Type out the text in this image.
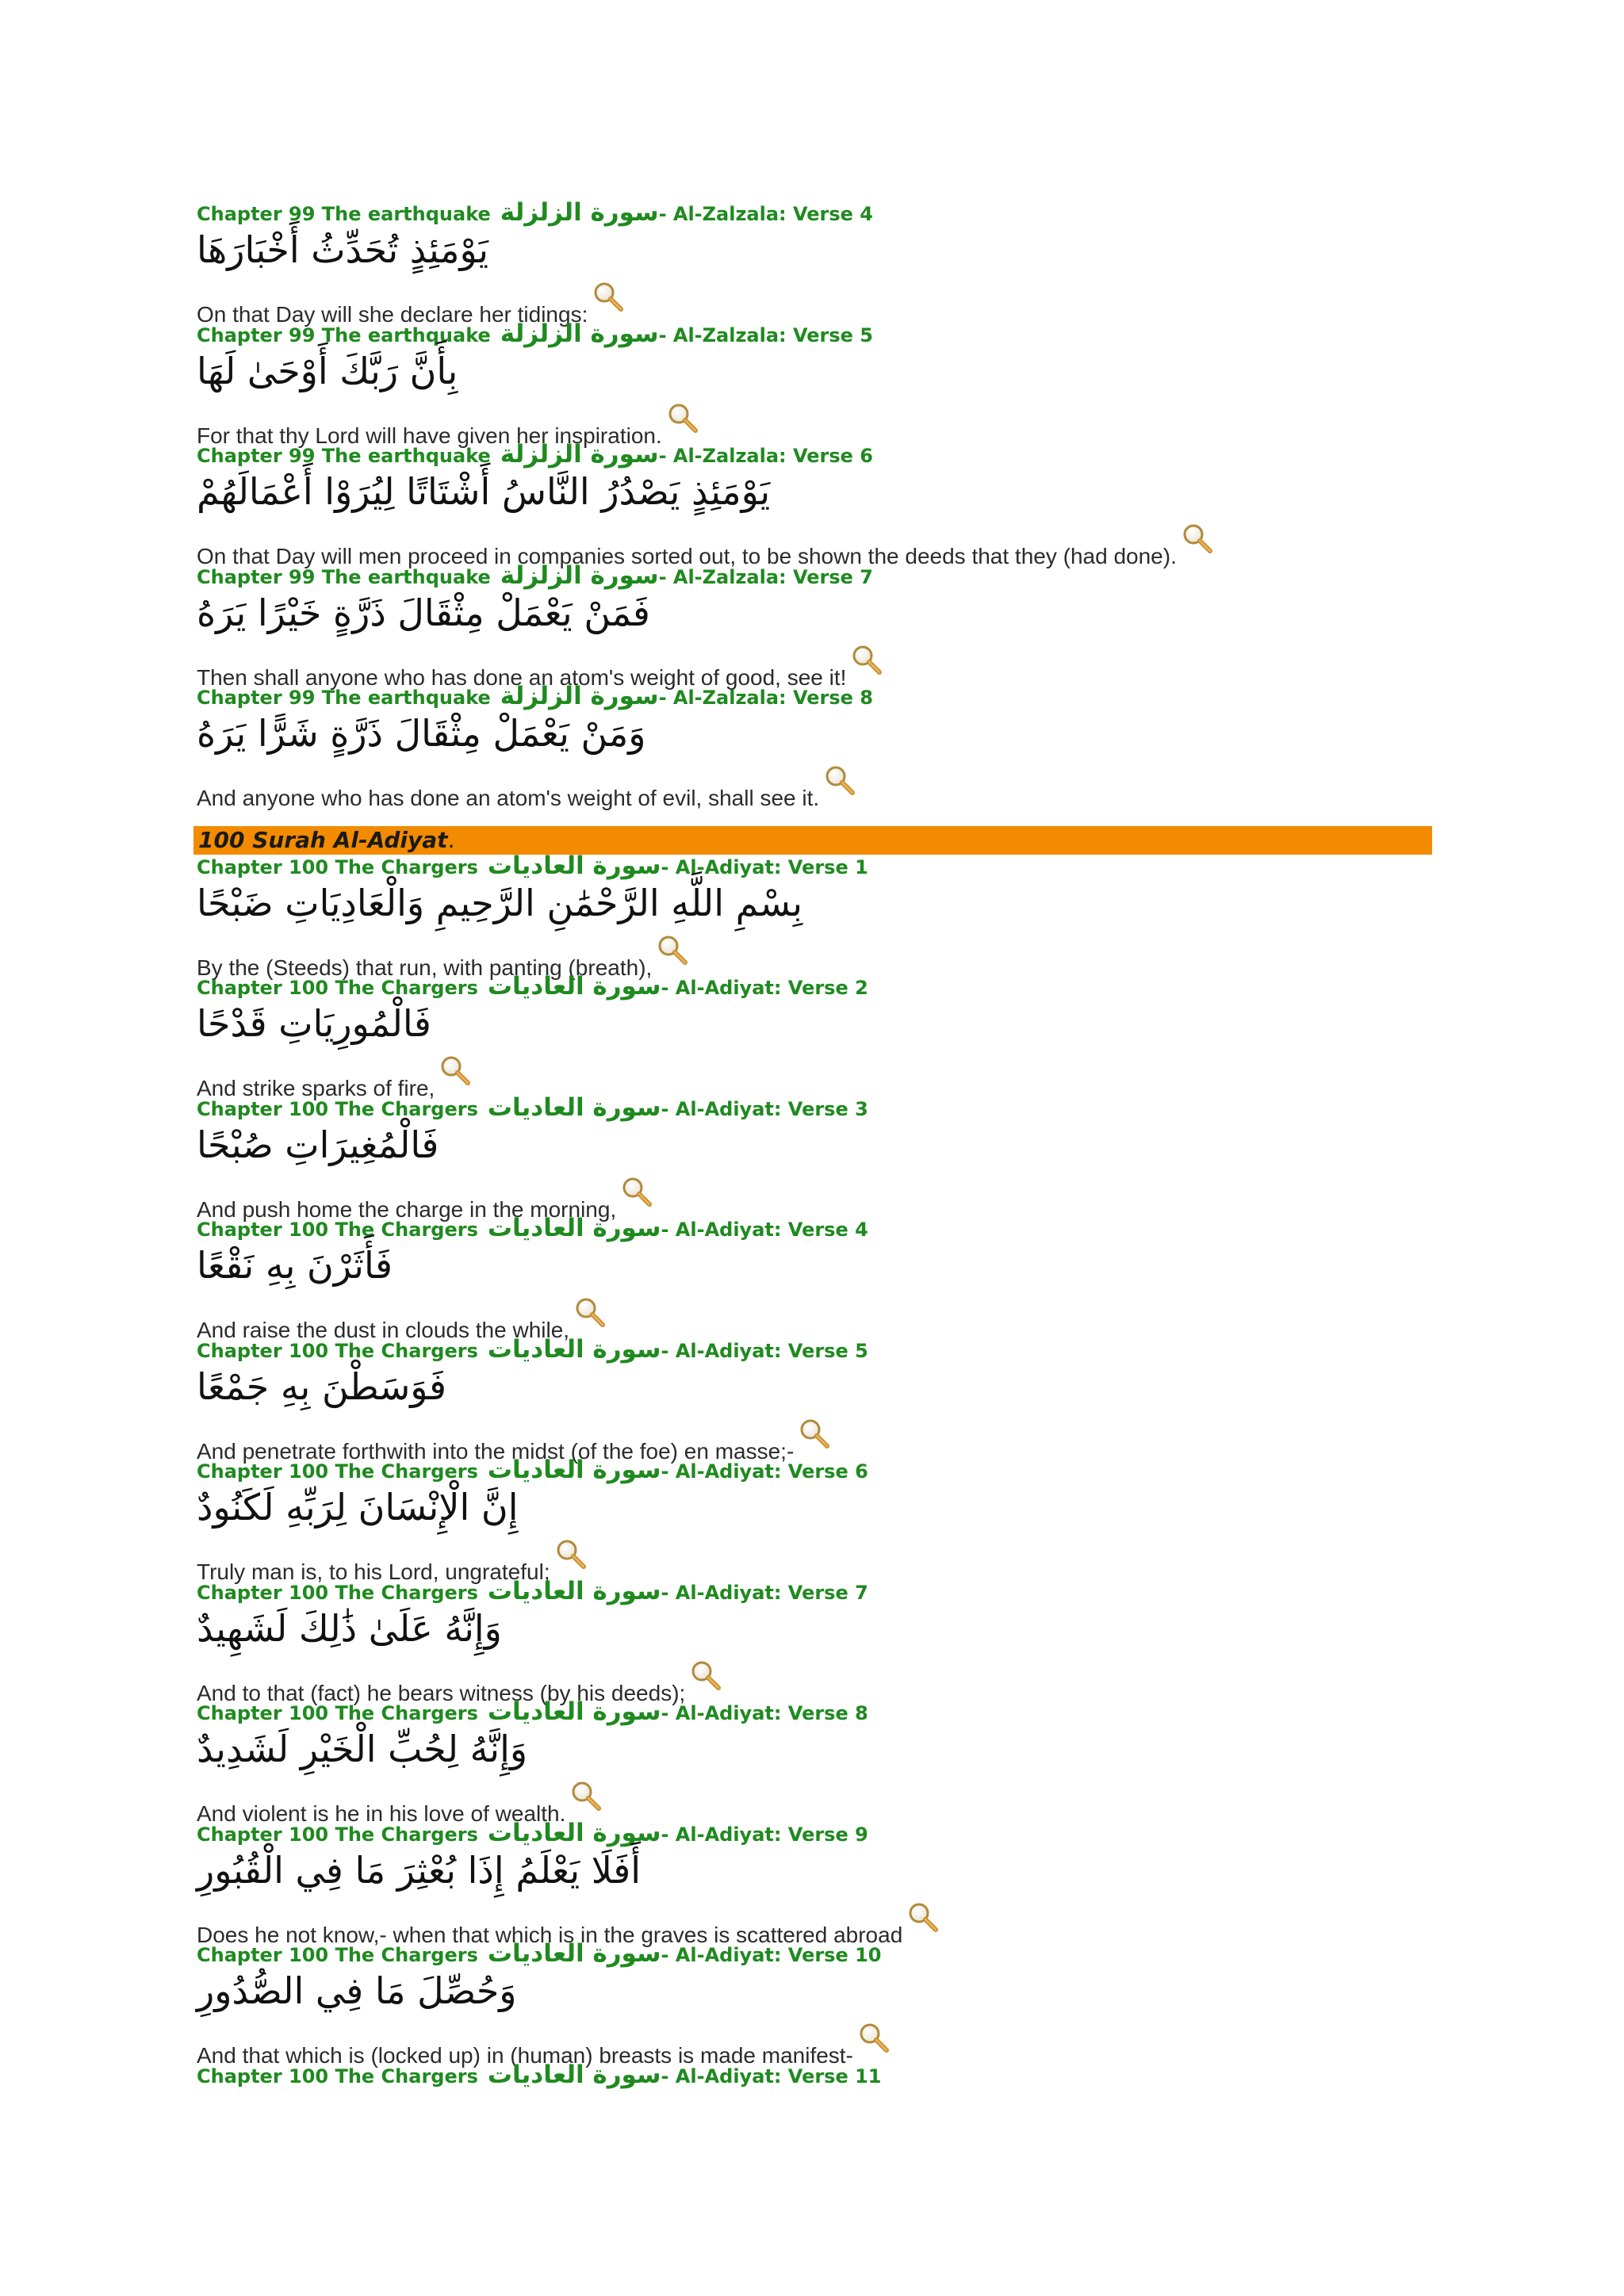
Chapter 99 The earthquake سورة الزلزلة- Al-Zalzala: Verse 4
يَوْمَئِذٍ تُحَدِّثُ أَخْبَارَهَا
On that Day will she declare her tidings:
Chapter 99 The earthquake سورة الزلزلة- Al-Zalzala: Verse 5
بِأَنَّ رَبَّكَ أَوْحَىٰ لَهَا
For that thy Lord will have given her inspiration.
Chapter 99 The earthquake سورة الزلزلة- Al-Zalzala: Verse 6
يَوْمَئِذٍ يَصْدُرُ النَّاسُ أَشْتَاتًا لِيُرَوْا أَعْمَالَهُمْ
On that Day will men proceed in companies sorted out, to be shown the deeds that they (had done).
Chapter 99 The earthquake سورة الزلزلة- Al-Zalzala: Verse 7
فَمَنْ يَعْمَلْ مِثْقَالَ ذَرَّةٍ خَيْرًا يَرَهُ
Then shall anyone who has done an atom's weight of good, see it!
Chapter 99 The earthquake سورة الزلزلة- Al-Zalzala: Verse 8
وَمَنْ يَعْمَلْ مِثْقَالَ ذَرَّةٍ شَرًّا يَرَهُ
And anyone who has done an atom's weight of evil, shall see it.
100 Surah Al-Adiyat.
Chapter 100 The Chargers سورة العاديات- Al-Adiyat: Verse 1
بِسْمِ اللَّهِ الرَّحْمَٰنِ الرَّحِيمِ وَالْعَادِيَاتِ ضَبْحًا
By the (Steeds) that run, with panting (breath),
Chapter 100 The Chargers سورة العاديات- Al-Adiyat: Verse 2
فَالْمُورِيَاتِ قَدْحًا
And strike sparks of fire,
Chapter 100 The Chargers سورة العاديات- Al-Adiyat: Verse 3
فَالْمُغِيرَاتِ صُبْحًا
And push home the charge in the morning,
Chapter 100 The Chargers سورة العاديات- Al-Adiyat: Verse 4
فَأَثَرْنَ بِهِ نَقْعًا
And raise the dust in clouds the while,
Chapter 100 The Chargers سورة العاديات- Al-Adiyat: Verse 5
فَوَسَطْنَ بِهِ جَمْعًا
And penetrate forthwith into the midst (of the foe) en masse;-
Chapter 100 The Chargers سورة العاديات- Al-Adiyat: Verse 6
إِنَّ الْإِنْسَانَ لِرَبِّهِ لَكَنُودٌ
Truly man is, to his Lord, ungrateful;
Chapter 100 The Chargers سورة العاديات- Al-Adiyat: Verse 7
وَإِنَّهُ عَلَىٰ ذَٰلِكَ لَشَهِيدٌ
And to that (fact) he bears witness (by his deeds);
Chapter 100 The Chargers سورة العاديات- Al-Adiyat: Verse 8
وَإِنَّهُ لِحُبِّ الْخَيْرِ لَشَدِيدٌ
And violent is he in his love of wealth.
Chapter 100 The Chargers سورة العاديات- Al-Adiyat: Verse 9
أَفَلَا يَعْلَمُ إِذَا بُعْثِرَ مَا فِي الْقُبُورِ
Does he not know,- when that which is in the graves is scattered abroad
Chapter 100 The Chargers سورة العاديات- Al-Adiyat: Verse 10
وَحُصِّلَ مَا فِي الصُّدُورِ
And that which is (locked up) in (human) breasts is made manifest-
Chapter 100 The Chargers سورة العاديات- Al-Adiyat: Verse 11
